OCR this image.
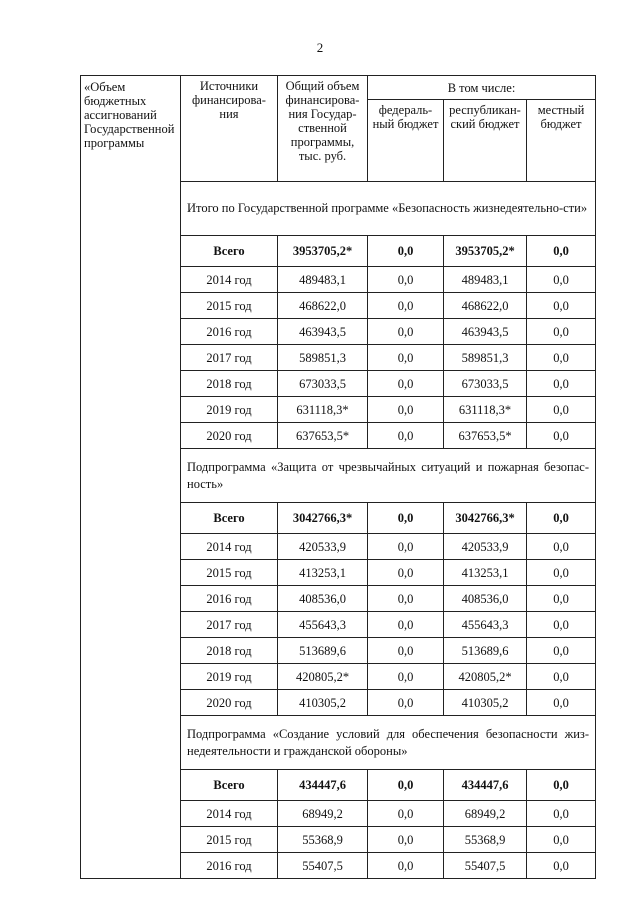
2
«Объем бюджетных ассигнований Государственной программы	Источники финансирова-ния	Общий объем финансирова-ния Государ-ственной программы, тыс. руб.	В том числе:		
			федераль-ный бюджет	республикан-ский бюджет	местный бюджет
	Итого по Государственной программе «Безопасность жизнедеятельно-сти»				
	Всего	3953705,2*	0,0	3953705,2*	0,0
	2014 год	489483,1	0,0	489483,1	0,0
	2015 год	468622,0	0,0	468622,0	0,0
	2016 год	463943,5	0,0	463943,5	0,0
	2017 год	589851,3	0,0	589851,3	0,0
	2018 год	673033,5	0,0	673033,5	0,0
	2019 год	631118,3*	0,0	631118,3*	0,0
	2020 год	637653,5*	0,0	637653,5*	0,0
	Подпрограмма «Защита от чрезвычайных ситуаций и пожарная безопас-ность»				
	Всего	3042766,3*	0,0	3042766,3*	0,0
	2014 год	420533,9	0,0	420533,9	0,0
	2015 год	413253,1	0,0	413253,1	0,0
	2016 год	408536,0	0,0	408536,0	0,0
	2017 год	455643,3	0,0	455643,3	0,0
	2018 год	513689,6	0,0	513689,6	0,0
	2019 год	420805,2*	0,0	420805,2*	0,0
	2020 год	410305,2	0,0	410305,2	0,0
	Подпрограмма «Создание условий для обеспечения безопасности жиз-недеятельности и гражданской обороны»				
	Всего	434447,6	0,0	434447,6	0,0
	2014 год	68949,2	0,0	68949,2	0,0
	2015 год	55368,9	0,0	55368,9	0,0
	2016 год	55407,5	0,0	55407,5	0,0
